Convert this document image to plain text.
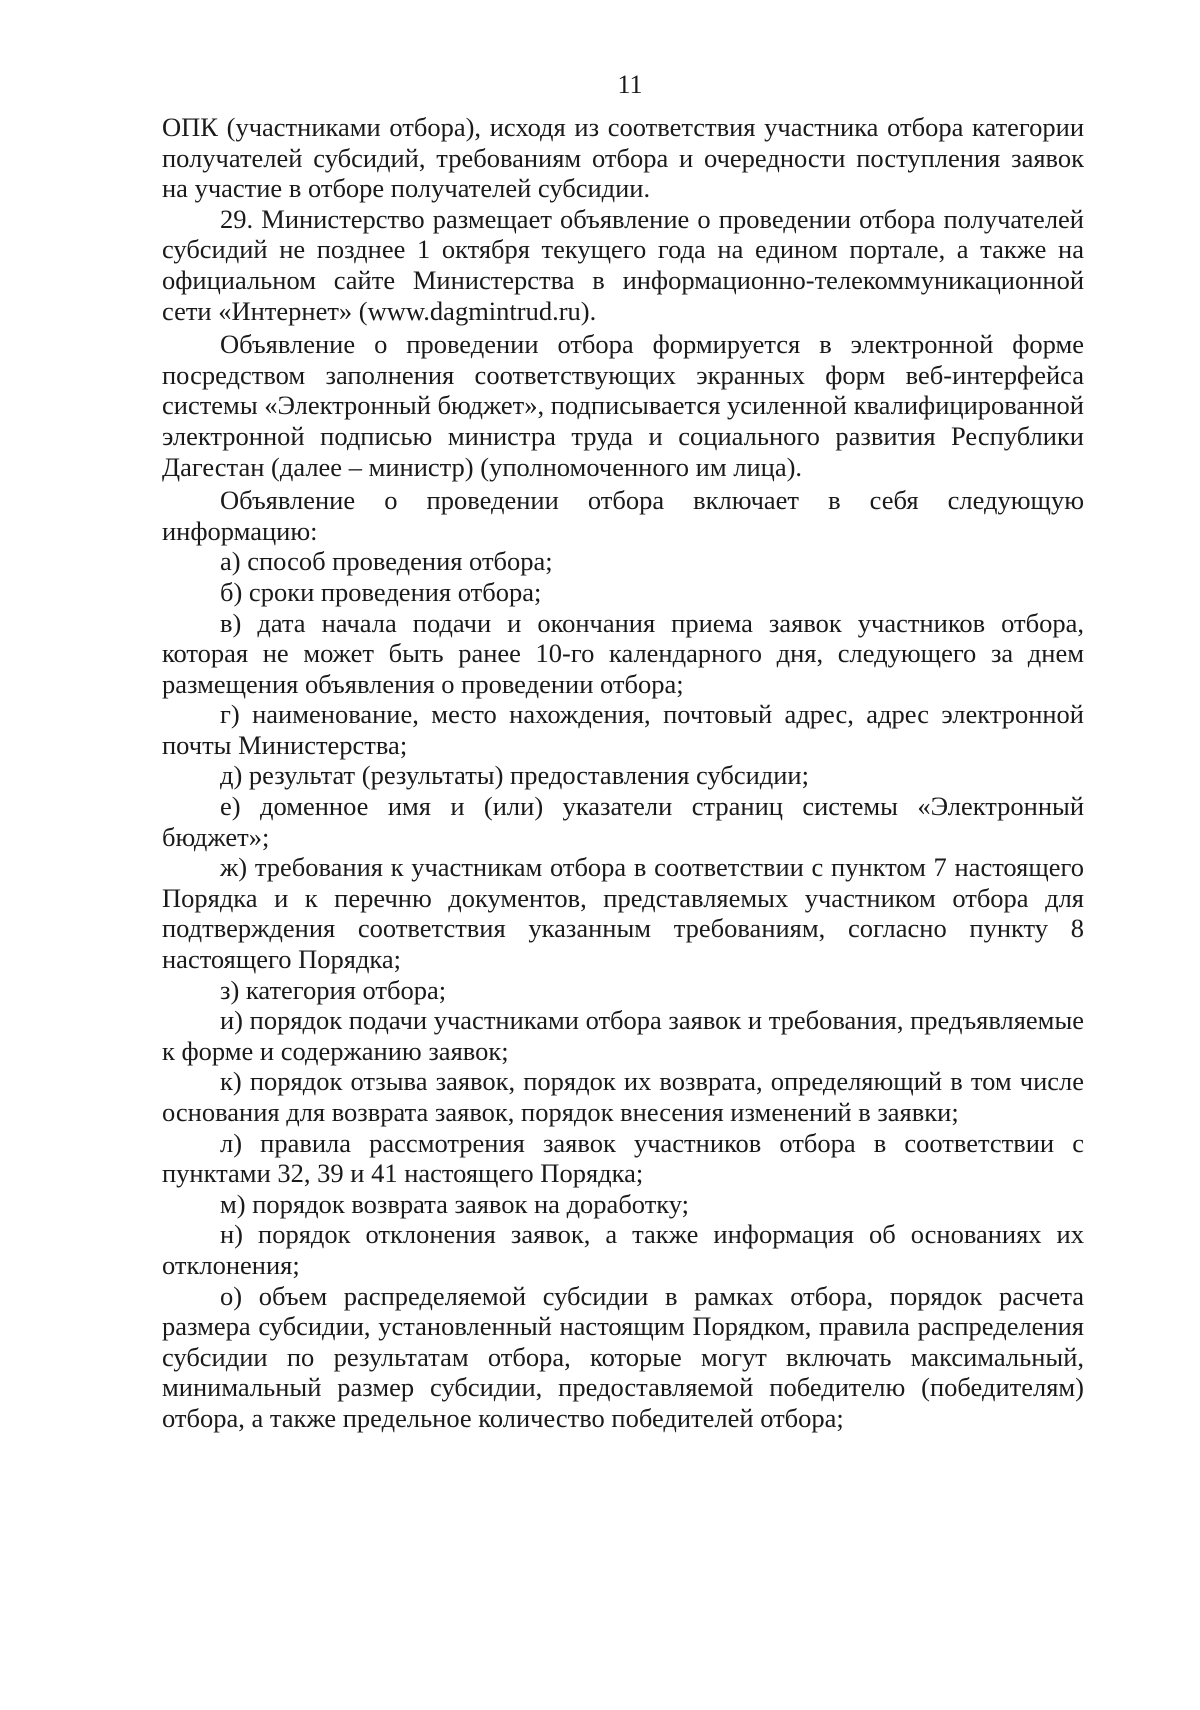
11

ОПК (участниками отбора), исходя из соответствия участника отбора категории получателей субсидий, требованиям отбора и очередности поступления заявок на участие в отборе получателей субсидии.

29. Министерство размещает объявление о проведении отбора получателей субсидий не позднее 1 октября текущего года на едином портале, а также на официальном сайте Министерства в информационно-телекоммуникационной сети «Интернет» (www.dagmintrud.ru).

Объявление о проведении отбора формируется в электронной форме посредством заполнения соответствующих экранных форм веб-интерфейса системы «Электронный бюджет», подписывается усиленной квалифицированной электронной подписью министра труда и социального развития Республики Дагестан (далее – министр) (уполномоченного им лица).

Объявление о проведении отбора включает в себя следующую информацию:

а) способ проведения отбора;

б) сроки проведения отбора;

в) дата начала подачи и окончания приема заявок участников отбора, которая не может быть ранее 10-го календарного дня, следующего за днем размещения объявления о проведении отбора;

г) наименование, место нахождения, почтовый адрес, адрес электронной почты Министерства;

д) результат (результаты) предоставления субсидии;

е) доменное имя и (или) указатели страниц системы «Электронный бюджет»;

ж) требования к участникам отбора в соответствии с пунктом 7 настоящего Порядка и к перечню документов, представляемых участником отбора для подтверждения соответствия указанным требованиям, согласно пункту 8 настоящего Порядка;

з) категория отбора;

и) порядок подачи участниками отбора заявок и требования, предъявляемые к форме и содержанию заявок;

к) порядок отзыва заявок, порядок их возврата, определяющий в том числе основания для возврата заявок, порядок внесения изменений в заявки;

л) правила рассмотрения заявок участников отбора в соответствии с пунктами 32, 39 и 41 настоящего Порядка;

м) порядок возврата заявок на доработку;

н) порядок отклонения заявок, а также информация об основаниях их отклонения;

о) объем распределяемой субсидии в рамках отбора, порядок расчета размера субсидии, установленный настоящим Порядком, правила распределения субсидии по результатам отбора, которые могут включать максимальный, минимальный размер субсидии, предоставляемой победителю (победителям) отбора, а также предельное количество победителей отбора;
